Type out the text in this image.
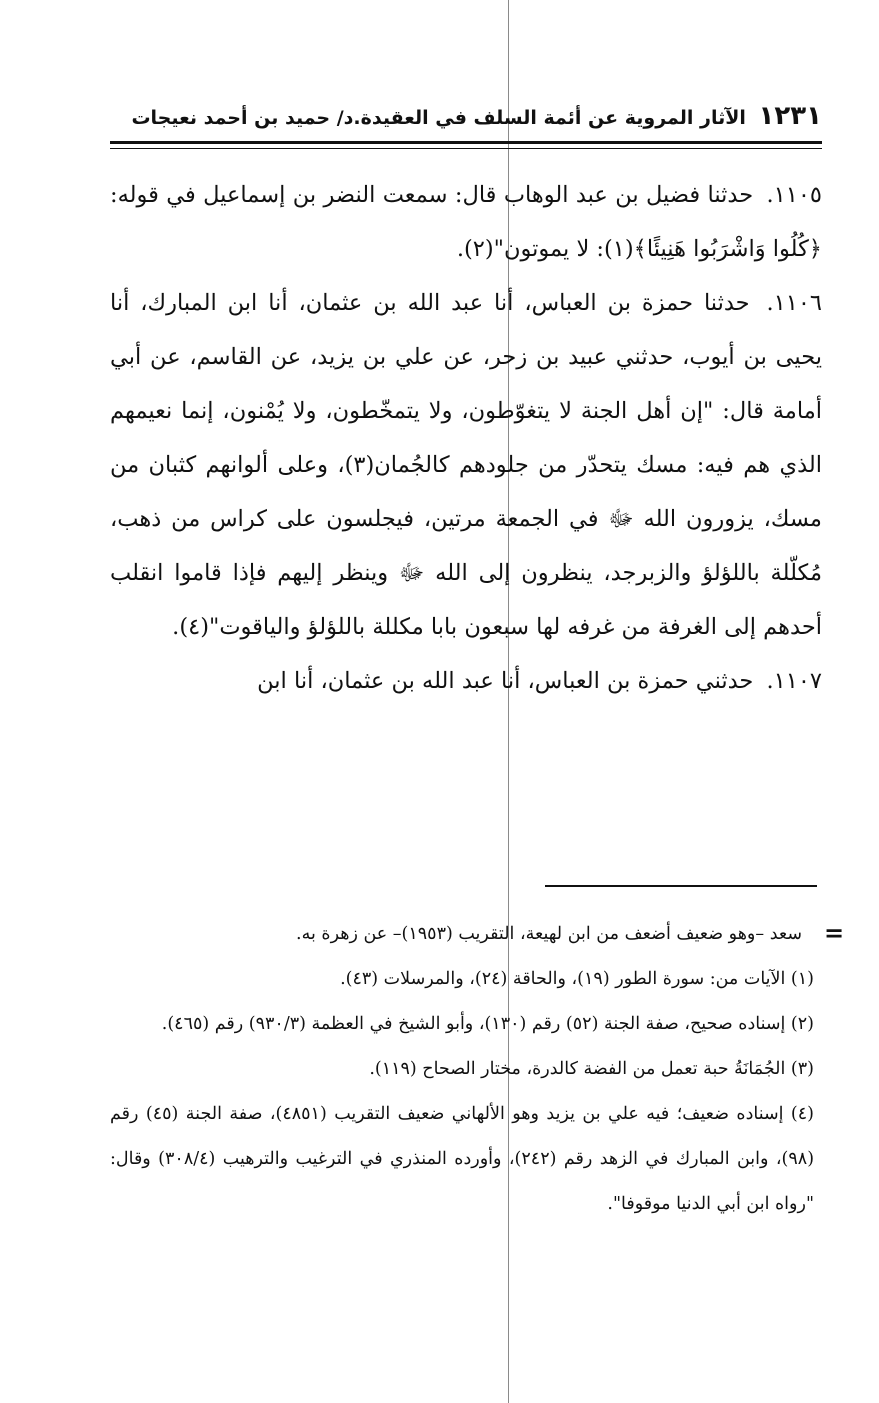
١٢٣١ الآثار المروية عن أئمة السلف في العقيدة.د/ حميد بن أحمد نعيجات

١١٠٥. حدثنا فضيل بن عبد الوهاب قال: سمعت النضر بن إسماعيل في قوله: ﴿كُلُوا وَاشْرَبُوا هَنِيئًا﴾(١): لا يموتون"(٢).

١١٠٦. حدثنا حمزة بن العباس، أنا عبد الله بن عثمان، أنا ابن المبارك، أنا يحيى بن أيوب، حدثني عبيد بن زحر، عن علي بن يزيد، عن القاسم، عن أبي أمامة قال: "إن أهل الجنة لا يتغوّطون، ولا يتمخّطون، ولا يُمْنون، إنما نعيمهم الذي هم فيه: مسك يتحدّر من جلودهم كالجُمان(٣)، وعلى ألوانهم كثبان من مسك، يزورون الله ﷻ في الجمعة مرتين، فيجلسون على كراس من ذهب، مُكلّلة باللؤلؤ والزبرجد، ينظرون إلى الله ﷻ وينظر إليهم فإذا قاموا انقلب أحدهم إلى الغرفة من غرفه لها سبعون بابا مكللة باللؤلؤ والياقوت"(٤).

١١٠٧. حدثني حمزة بن العباس، أنا عبد الله بن عثمان، أنا ابن

=

سعد –وهو ضعيف أضعف من ابن لهيعة، التقريب (١٩٥٣)– عن زهرة به.

(١) الآيات من: سورة الطور (١٩)، والحاقة (٢٤)، والمرسلات (٤٣).

(٢) إسناده صحيح، صفة الجنة (٥٢) رقم (١٣٠)، وأبو الشيخ في العظمة (٩٣٠/٣) رقم (٤٦٥).

(٣) الجُمَانَةُ حبة تعمل من الفضة كالدرة، مختار الصحاح (١١٩).

(٤) إسناده ضعيف؛ فيه علي بن يزيد وهو الألهاني ضعيف التقريب (٤٨٥١)، صفة الجنة (٤٥) رقم (٩٨)، وابن المبارك في الزهد رقم (٢٤٢)، وأورده المنذري في الترغيب والترهيب (٣٠٨/٤) وقال: "رواه ابن أبي الدنيا موقوفا".
